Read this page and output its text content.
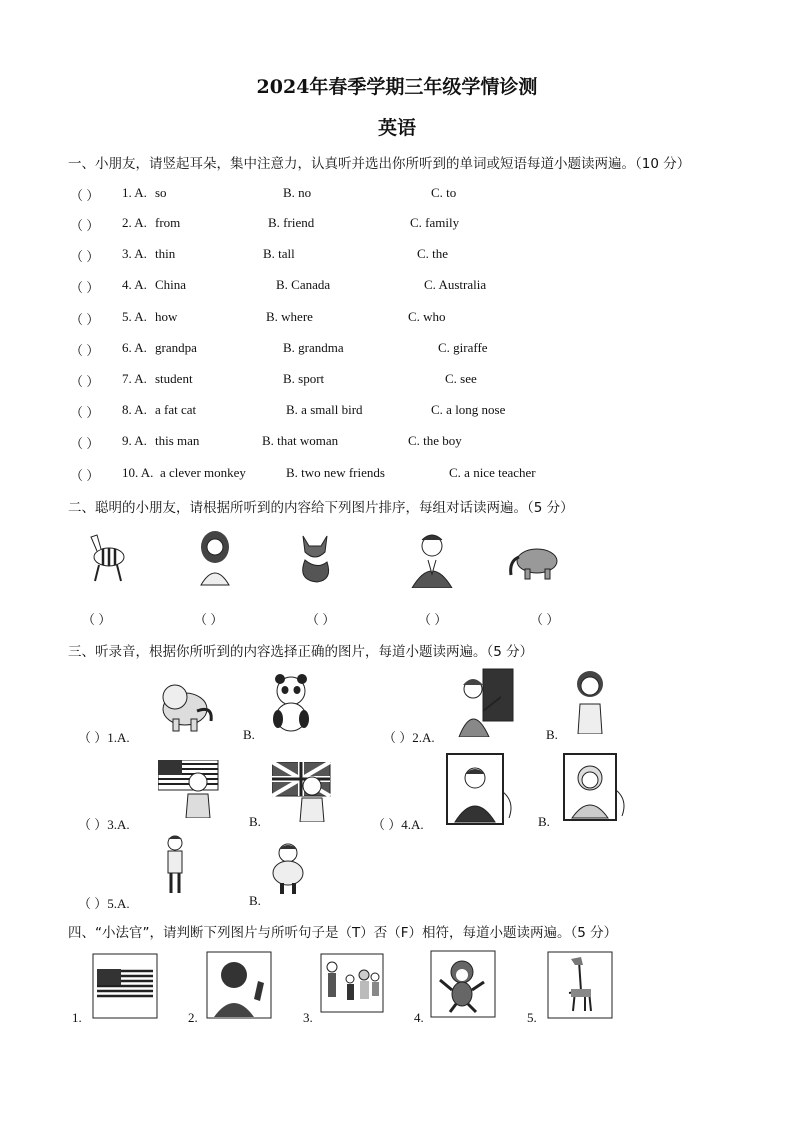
2024年春季学期三年级学情诊测
英语
一、小朋友，请竖起耳朵，集中注意力，认真听并选出你所听到的单词或短语每道小题读两遍。（10 分）
（ ） 1. A. so	B. no	C. to
（ ） 2. A. from	B. friend	C. family
（ ） 3. A. thin	B. tall	C. the
（ ） 4. A. China	B. Canada	C. Australia
（ ） 5. A. how	B. where	C. who
（ ） 6. A. grandpa	B. grandma	C. giraffe
（ ） 7. A. student	B. sport	C. see
（ ） 8. A. a fat cat	B. a small bird	C. a long nose
（ ） 9. A. this man	B. that woman	C. the boy
（ ） 10. A. a clever monkey	B. two new friends	C. a nice teacher
二、聪明的小朋友，请根据所听到的内容给下列图片排序，每组对话读两遍。（5 分）
（ ）	（ ）	（ ）	（ ）	（ ）
三、听录音，根据你所听到的内容选择正确的图片，每道小题读两遍。（5 分）
（ ）1.A.	B.	（ ）2.A.	B.
（ ）3.A.	B.	（ ）4.A.	B.
（ ）5.A.	B.
四、“小法官”，请判断下列图片与所听句子是（T）否（F）相符，每道小题读两遍。（5 分）
1.	2.	3.	4.	5.
